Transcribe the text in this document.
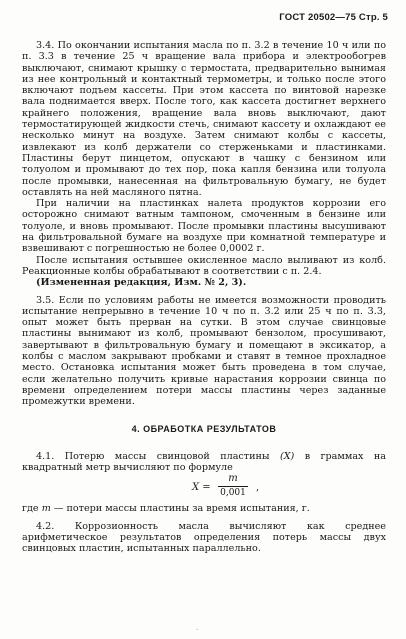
ГОСТ 20502—75 Стр. 5

3.4. По окончании испытания масла по п. 3.2 в течение 10 ч или по п. 3.3 в течение 25 ч вращение вала прибора и электрообогрев выключают, снимают крышку с термостата, предварительно вынимая из нее контрольный и контактный термометры, и только после этого включают подъем кассеты. При этом кассета по винтовой нарезке вала поднимается вверх. После того, как кассета достигнет верхнего крайнего положения, вращение вала вновь выключают, дают термостатирующей жидкости стечь, снимают кассету и охлаждают ее несколько минут на воздухе. Затем снимают колбы с кассеты, извлекают из колб держатели со стерженьками и пластинками. Пластины берут пинцетом, опускают в чашку с бензином или толуолом и промывают до тех пор, пока капля бензина или толуола после промывки, нанесенная на фильтровальную бумагу, не будет оставлять на ней масляного пятна.

При наличии на пластинках налета продуктов коррозии его осторожно снимают ватным тампоном, смоченным в бензине или толуоле, и вновь промывают. После промывки пластины высушивают на фильтровальной бумаге на воздухе при комнатной температуре и взвешивают с погрешностью не более 0,0002 г.

После испытания остывшее окисленное масло выливают из колб. Реакционные колбы обрабатывают в соответствии с п. 2.4.

(Измененная редакция, Изм. № 2, 3).

3.5. Если по условиям работы не имеется возможности проводить испытание непрерывно в течение 10 ч по п. 3.2 или 25 ч по п. 3.3, опыт может быть прерван на сутки. В этом случае свинцовые пластины вынимают из колб, промывают бензолом, просушивают, завертывают в фильтровальную бумагу и помещают в эксикатор, а колбы с маслом закрывают пробками и ставят в темное прохладное место. Остановка испытания может быть проведена в том случае, если желательно получить кривые нарастания коррозии свинца по времени определением потери массы пластины через заданные промежутки времени.

4. ОБРАБОТКА РЕЗУЛЬТАТОВ

4.1. Потерю массы свинцовой пластины (X) в граммах на квадратный метр вычисляют по формуле

X =
m
0,001 ,

где m — потери массы пластины за время испытания, г.

4.2. Коррозионность масла вычисляют как среднее арифметическое результатов определения потерь массы двух свинцовых пластин, испытанных параллельно.

·
